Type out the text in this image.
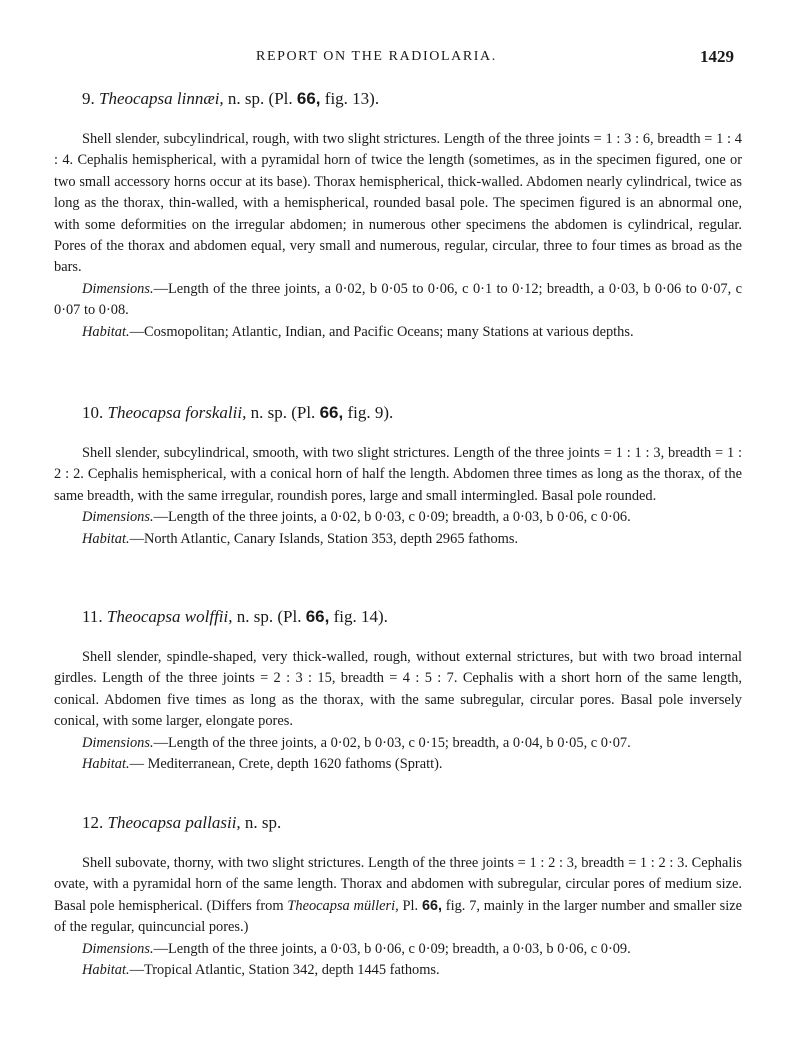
REPORT ON THE RADIOLARIA.	1429
9. Theocapsa linnæi, n. sp. (Pl. 66, fig. 13).

Shell slender, subcylindrical, rough, with two slight strictures. Length of the three joints = 1 : 3 : 6, breadth = 1 : 4 : 4. Cephalis hemispherical, with a pyramidal horn of twice the length (sometimes, as in the specimen figured, one or two small accessory horns occur at its base). Thorax hemispherical, thick-walled. Abdomen nearly cylindrical, twice as long as the thorax, thin-walled, with a hemispherical, rounded basal pole. The specimen figured is an abnormal one, with some deformities on the irregular abdomen; in numerous other specimens the abdomen is cylindrical, regular. Pores of the thorax and abdomen equal, very small and numerous, regular, circular, three to four times as broad as the bars.

Dimensions.—Length of the three joints, a 0·02, b 0·05 to 0·06, c 0·1 to 0·12; breadth, a 0·03, b 0·06 to 0·07, c 0·07 to 0·08.

Habitat.—Cosmopolitan; Atlantic, Indian, and Pacific Oceans; many Stations at various depths.

10. Theocapsa forskalii, n. sp. (Pl. 66, fig. 9).

Shell slender, subcylindrical, smooth, with two slight strictures. Length of the three joints = 1 : 1 : 3, breadth = 1 : 2 : 2. Cephalis hemispherical, with a conical horn of half the length. Abdomen three times as long as the thorax, of the same breadth, with the same irregular, roundish pores, large and small intermingled. Basal pole rounded.

Dimensions.—Length of the three joints, a 0·02, b 0·03, c 0·09; breadth, a 0·03, b 0·06, c 0·06.

Habitat.—North Atlantic, Canary Islands, Station 353, depth 2965 fathoms.

11. Theocapsa wolffii, n. sp. (Pl. 66, fig. 14).

Shell slender, spindle-shaped, very thick-walled, rough, without external strictures, but with two broad internal girdles. Length of the three joints = 2 : 3 : 15, breadth = 4 : 5 : 7. Cephalis with a short horn of the same length, conical. Abdomen five times as long as the thorax, with the same subregular, circular pores. Basal pole inversely conical, with some larger, elongate pores.

Dimensions.—Length of the three joints, a 0·02, b 0·03, c 0·15; breadth, a 0·04, b 0·05, c 0·07.

Habitat.— Mediterranean, Crete, depth 1620 fathoms (Spratt).

12. Theocapsa pallasii, n. sp.

Shell subovate, thorny, with two slight strictures. Length of the three joints = 1 : 2 : 3, breadth = 1 : 2 : 3. Cephalis ovate, with a pyramidal horn of the same length. Thorax and abdomen with subregular, circular pores of medium size. Basal pole hemispherical. (Differs from Theocapsa mülleri, Pl. 66, fig. 7, mainly in the larger number and smaller size of the regular, quincuncial pores.)

Dimensions.—Length of the three joints, a 0·03, b 0·06, c 0·09; breadth, a 0·03, b 0·06, c 0·09.

Habitat.—Tropical Atlantic, Station 342, depth 1445 fathoms.
